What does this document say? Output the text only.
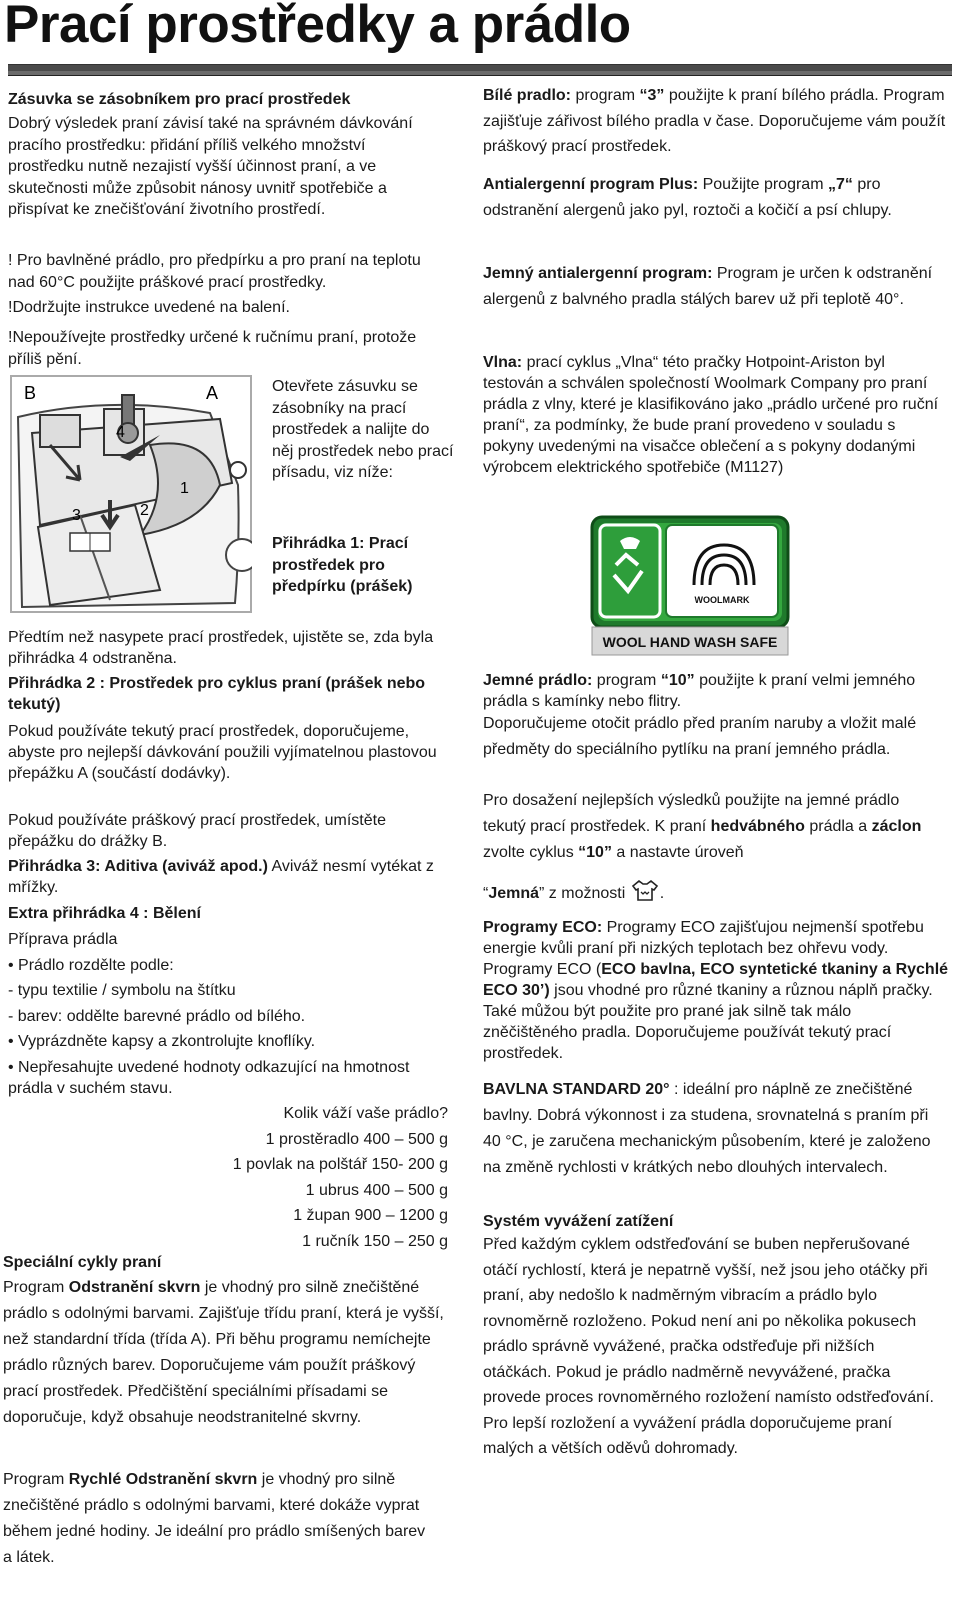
Prací prostředky a prádlo
Zásuvka se zásobníkem pro prací prostředek

Dobrý výsledek praní závisí také na správném dávkování pracího prostředku: přidání příliš velkého množství prostředku nutně nezajistí vyšší účinnost praní, a ve skutečnosti může způsobit nánosy uvnitř spotřebiče a přispívat ke znečišťování životního prostředí.

! Pro bavlněné prádlo, pro předpírku a pro praní na teplotu nad 60°C použijte práškové prací prostředky.

!Dodržujte instrukce uvedené na balení.

!Nepoužívejte prostředky určené k ručnímu praní, protože příliš pění.

B	A
1
2
3
4

Otevřete zásuvku se zásobníky na prací prostředek a nalijte do něj prostředek nebo prací přísadu, viz níže:

Přihrádka 1: Prací prostředek pro předpírku (prášek)

Předtím než nasypete prací prostředek, ujistěte se, zda byla přihrádka 4 odstraněna.

Přihrádka 2 : Prostředek pro cyklus praní (prášek nebo tekutý)

Pokud používáte tekutý prací prostředek, doporučujeme, abyste pro nejlepší dávkování použili vyjímatelnou plastovou přepážku A (součástí dodávky).

Pokud používáte práškový prací prostředek, umístěte přepážku do drážky B.

Přihrádka 3: Aditiva (aviváž apod.) Aviváž nesmí vytékat z mřížky.

Extra přihrádka 4 : Bělení

Příprava prádla

• Prádlo rozdělte podle:

- typu textilie / symbolu na štítku

- barev: oddělte barevné prádlo od bílého.

• Vyprázdněte kapsy a zkontrolujte knoflíky.

• Nepřesahujte uvedené hodnoty odkazující na hmotnost prádla v suchém stavu.

Kolik váží vaše prádlo?
1 prostěradlo 400 – 500 g
1 povlak na polštář 150- 200 g
1 ubrus 400 – 500 g
1 župan 900 – 1200 g
1 ručník 150 – 250 g

Speciální cykly praní

Program Odstranění skvrn je vhodný pro silně znečištěné prádlo s odolnými barvami. Zajišťuje třídu praní, která je vyšší, než standardní třída (třída A). Při běhu programu nemíchejte prádlo různých barev. Doporučujeme vám použít práškový prací prostředek. Předčištění speciálními přísadami se doporučuje, když obsahuje neodstranitelné skvrny.

Program Rychlé Odstranění skvrn je vhodný pro silně znečištěné prádlo s odolnými barvami, které dokáže vyprat během jedné hodiny. Je ideální pro prádlo smíšených barev a látek.

Bílé pradlo: program “3” použijte k praní bílého prádla. Program zajišťuje zářivost bílého pradla v čase. Doporučujeme vám použít práškový prací prostředek.

Antialergenní program Plus: Použijte program „7“ pro odstranění alergenů jako pyl, roztoči a kočičí a psí chlupy.

Jemný antialergenní program: Program je určen k odstranění alergenů z balvného pradla stálých barev už při teplotě 40°.

Vlna: prací cyklus „Vlna“ této pračky Hotpoint-Ariston byl testován a schválen společností Woolmark Company pro praní prádla z vlny, které je klasifikováno jako „prádlo určené pro ruční praní“, za podmínky, že bude praní provedeno v souladu s pokyny uvedenými na visačce oblečení a s pokyny dodanými výrobcem elektrického spotřebiče (M1127)

WOOLMARK
WOOL HAND WASH SAFE

Jemné prádlo: program “10” použijte k praní velmi jemného prádla s kamínky nebo flitry.

Doporučujeme otočit prádlo před praním naruby a vložit malé předměty do speciálního pytlíku na praní jemného prádla.

Pro dosažení nejlepších výsledků použijte na jemné prádlo tekutý prací prostředek. K praní hedvábného prádla a záclon zvolte cyklus “10” a nastavte úroveň

“Jemná” z možnosti .

Programy ECO: Programy ECO zajišťujou nejmenší spotřebu energie kvůli praní při nizkých teplotach bez ohřevu vody. Programy ECO (ECO bavlna, ECO syntetické tkaniny a Rychlé ECO 30’) jsou vhodné pro různé tkaniny a různou náplň pračky. Také můžou být použite pro prané jak silně tak málo zněčištěného pradla. Doporučujeme používát tekutý prací prostředek.

BAVLNA STANDARD 20° : ideální pro náplně ze znečištěné bavlny. Dobrá výkonnost i za studena, srovnatelná s praním při 40 °C, je zaručena mechanickým působením, které je založeno na změně rychlosti v krátkých nebo dlouhých intervalech.

Systém vyvážení zatížení

Před každým cyklem odstřeďování se buben nepřerušované otáčí rychlostí, která je nepatrně vyšší, než jsou jeho otáčky při praní, aby nedošlo k nadměrným vibracím a prádlo bylo rovnoměrně rozloženo. Pokud není ani po několika pokusech prádlo správně vyvážené, pračka odstřeďuje při nižších otáčkách. Pokud je prádlo nadměrně nevyvážené, pračka provede proces rovnoměrného rozložení namísto odstřeďování. Pro lepší rozložení a vyvážení prádla doporučujeme praní malých a větších oděvů dohromady.
